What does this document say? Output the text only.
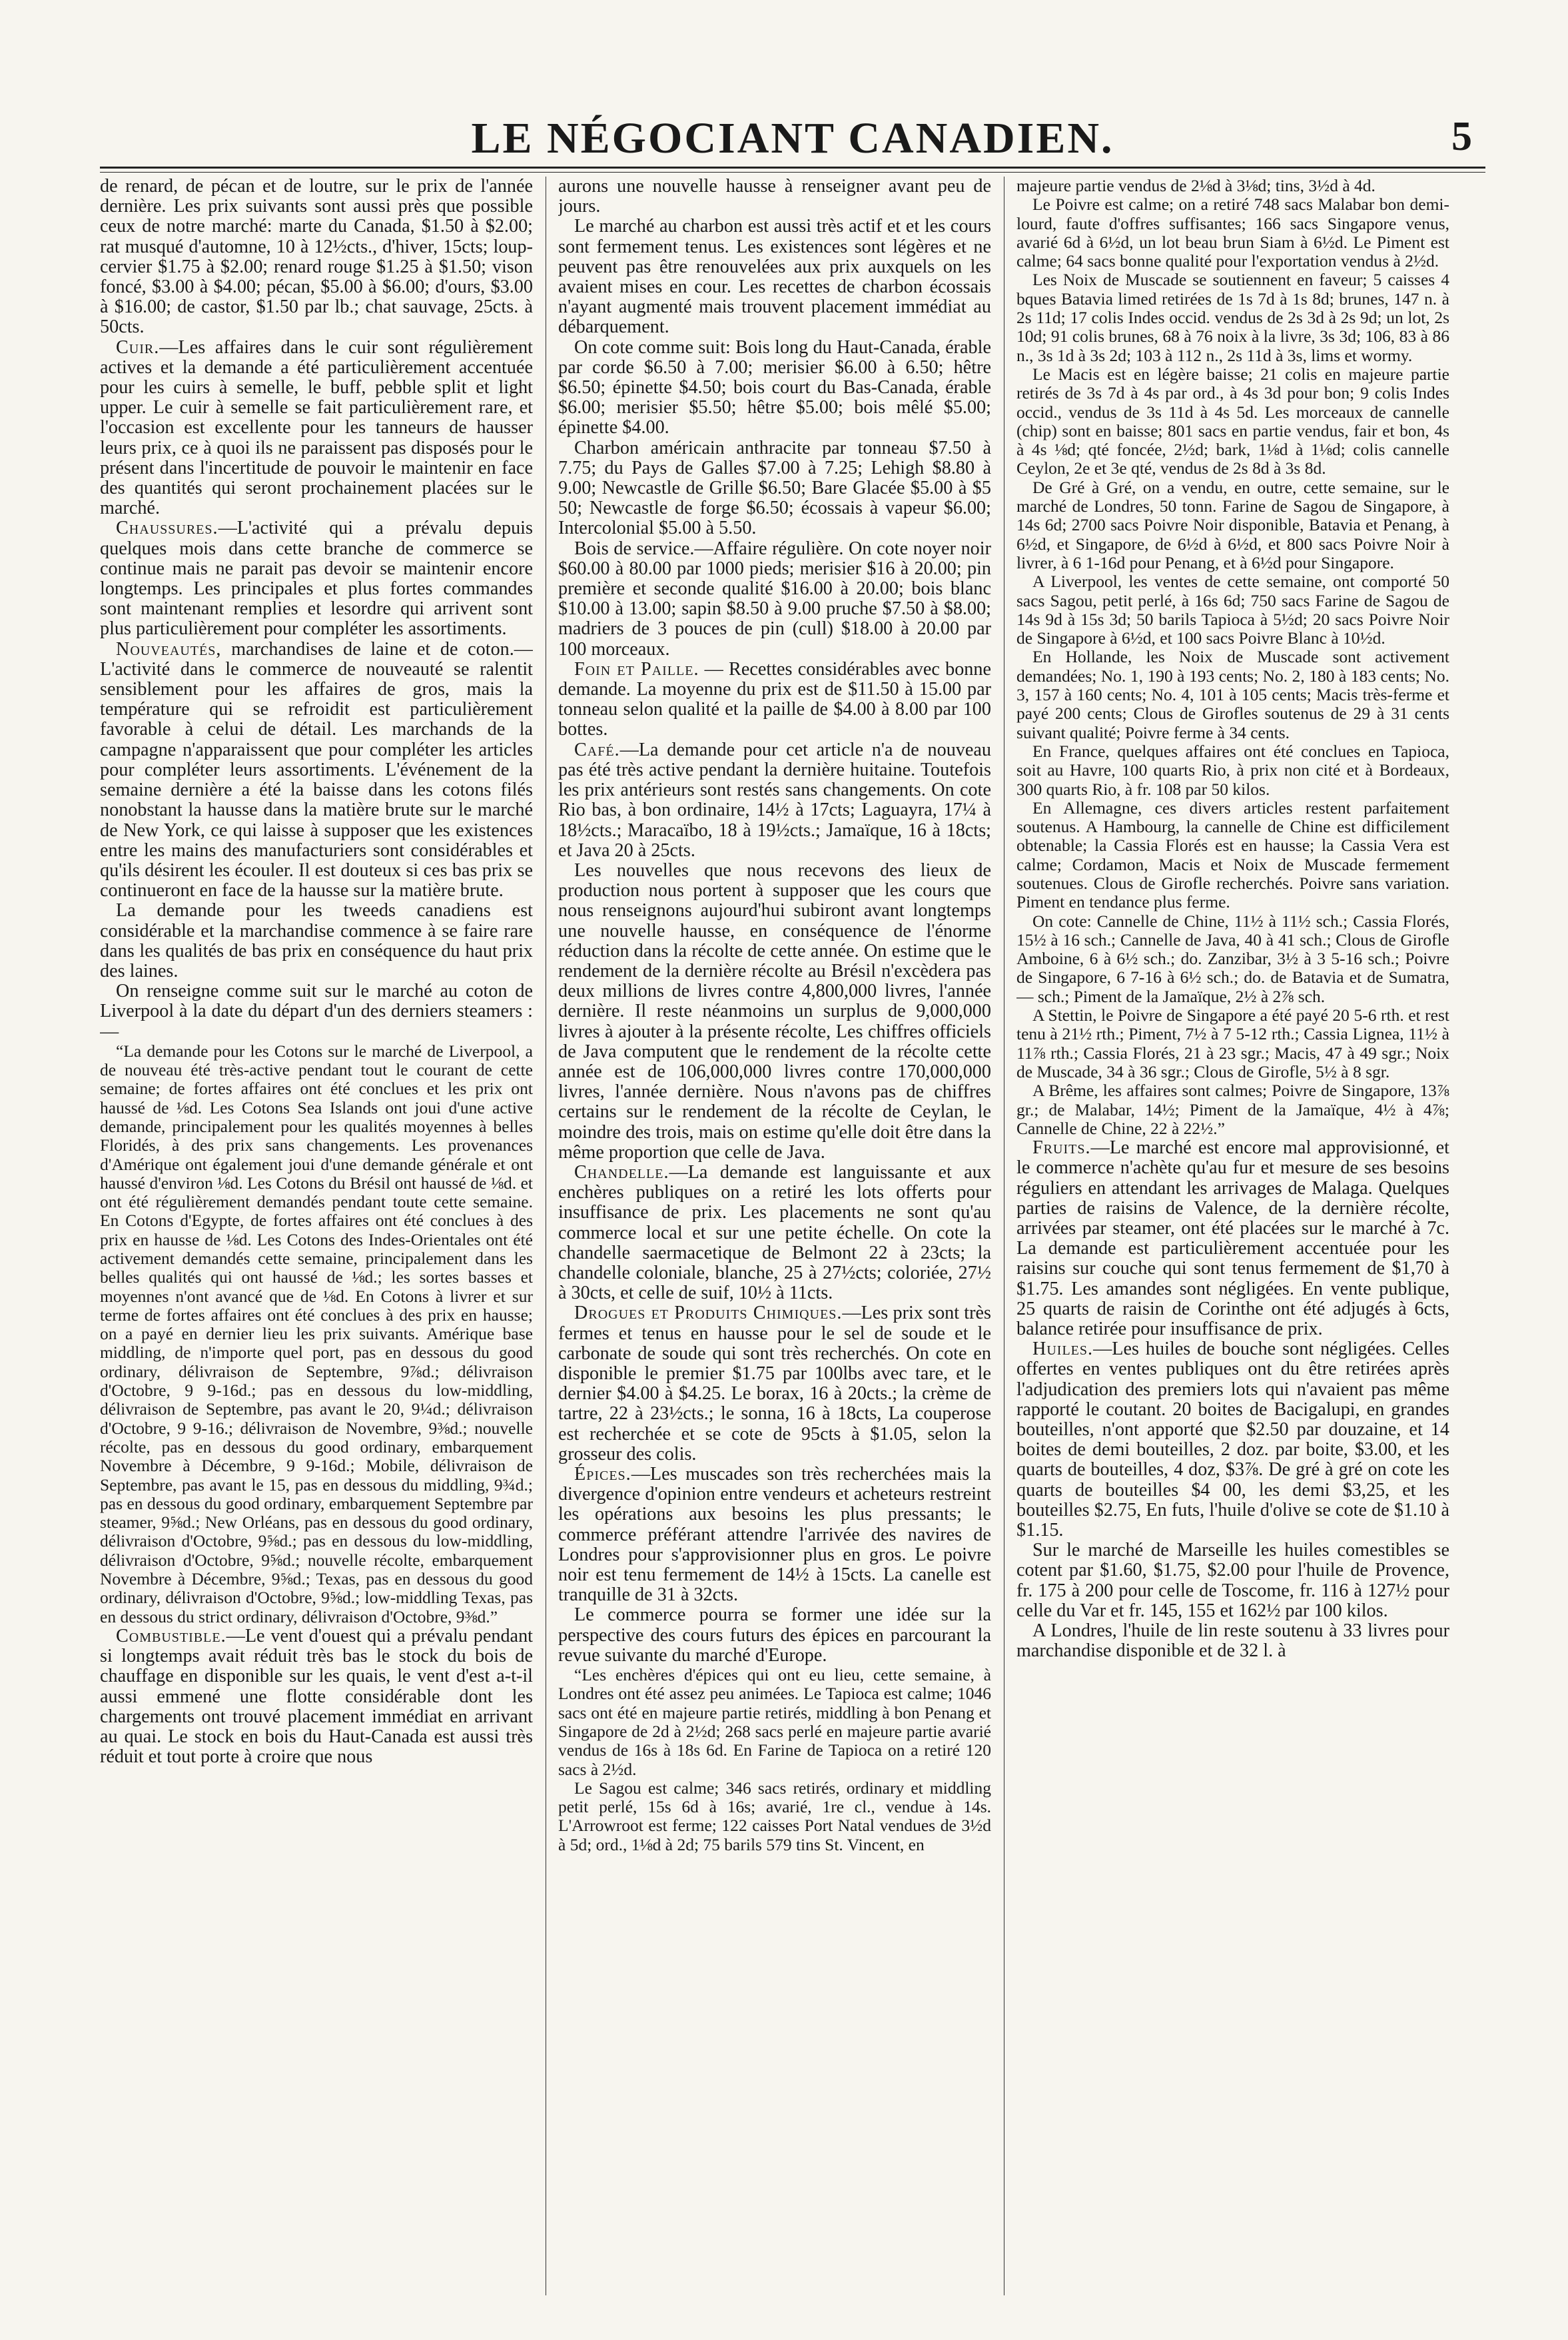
LE NÉGOCIANT CANADIEN.	5

de renard, de pécan et de loutre, sur le prix de l'année dernière. Les prix suivants sont aussi près que possible ceux de notre marché: marte du Canada, $1.50 à $2.00; rat musqué d'automne, 10 à 12½cts., d'hiver, 15cts; loup-cervier $1.75 à $2.00; renard rouge $1.25 à $1.50; vison foncé, $3.00 à $4.00; pécan, $5.00 à $6.00; d'ours, $3.00 à $16.00; de castor, $1.50 par lb.; chat sauvage, 25cts. à 50cts.

Cuir.—Les affaires dans le cuir sont régulièrement actives et la demande a été particulièrement accentuée pour les cuirs à semelle, le buff, pebble split et light upper. Le cuir à semelle se fait particulièrement rare, et l'occasion est excellente pour les tanneurs de hausser leurs prix, ce à quoi ils ne paraissent pas disposés pour le présent dans l'incertitude de pouvoir le maintenir en face des quantités qui seront prochainement placées sur le marché.

Chaussures.—L'activité qui a prévalu depuis quelques mois dans cette branche de commerce se continue mais ne parait pas devoir se maintenir encore longtemps. Les principales et plus fortes commandes sont maintenant remplies et lesordre qui arrivent sont plus particulièrement pour compléter les assortiments.

Nouveautés, marchandises de laine et de coton.—L'activité dans le commerce de nouveauté se ralentit sensiblement pour les affaires de gros, mais la température qui se refroidit est particulièrement favorable à celui de détail. Les marchands de la campagne n'apparaissent que pour compléter les articles pour compléter leurs assortiments. L'événement de la semaine dernière a été la baisse dans les cotons filés nonobstant la hausse dans la matière brute sur le marché de New York, ce qui laisse à supposer que les existences entre les mains des manufacturiers sont considérables et qu'ils désirent les écouler. Il est douteux si ces bas prix se continueront en face de la hausse sur la matière brute.

La demande pour les tweeds canadiens est considérable et la marchandise commence à se faire rare dans les qualités de bas prix en conséquence du haut prix des laines.

On renseigne comme suit sur le marché au coton de Liverpool à la date du départ d'un des derniers steamers :—

“La demande pour les Cotons sur le marché de Liverpool, a de nouveau été très-active pendant tout le courant de cette semaine; de fortes affaires ont été conclues et les prix ont haussé de ⅛d. Les Cotons Sea Islands ont joui d'une active demande, principalement pour les qualités moyennes à belles Floridés, à des prix sans changements. Les provenances d'Amérique ont également joui d'une demande générale et ont haussé d'environ ⅛d. Les Cotons du Brésil ont haussé de ⅛d. et ont été régulièrement demandés pendant toute cette semaine. En Cotons d'Egypte, de fortes affaires ont été conclues à des prix en hausse de ⅛d. Les Cotons des Indes-Orientales ont été activement demandés cette semaine, principalement dans les belles qualités qui ont haussé de ⅛d.; les sortes basses et moyennes n'ont avancé que de ⅛d. En Cotons à livrer et sur terme de fortes affaires ont été conclues à des prix en hausse; on a payé en dernier lieu les prix suivants. Amérique base middling, de n'importe quel port, pas en dessous du good ordinary, délivraison de Septembre, 9⅞d.; délivraison d'Octobre, 9 9-16d.; pas en dessous du low-middling, délivraison de Septembre, pas avant le 20, 9¼d.; délivraison d'Octobre, 9 9-16.; délivraison de Novembre, 9⅜d.; nouvelle récolte, pas en dessous du good ordinary, embarquement Novembre à Décembre, 9 9-16d.; Mobile, délivraison de Septembre, pas avant le 15, pas en dessous du middling, 9¾d.; pas en dessous du good ordinary, embarquement Septembre par steamer, 9⅝d.; New Orléans, pas en dessous du good ordinary, délivraison d'Octobre, 9⅝d.; pas en dessous du low-middling, délivraison d'Octobre, 9⅝d.; nouvelle récolte, embarquement Novembre à Décembre, 9⅝d.; Texas, pas en dessous du good ordinary, délivraison d'Octobre, 9⅝d.; low-middling Texas, pas en dessous du strict ordinary, délivraison d'Octobre, 9⅜d.”

Combustible.—Le vent d'ouest qui a prévalu pendant si longtemps avait réduit très bas le stock du bois de chauffage en disponible sur les quais, le vent d'est a-t-il aussi emmené une flotte considérable dont les chargements ont trouvé placement immédiat en arrivant au quai. Le stock en bois du Haut-Canada est aussi très réduit et tout porte à croire que nous

aurons une nouvelle hausse à renseigner avant peu de jours.

Le marché au charbon est aussi très actif et et les cours sont fermement tenus. Les existences sont légères et ne peuvent pas être renouvelées aux prix auxquels on les avaient mises en cour. Les recettes de charbon écossais n'ayant augmenté mais trouvent placement immédiat au débarquement.

On cote comme suit: Bois long du Haut-Canada, érable par corde $6.50 à 7.00; merisier $6.00 à 6.50; hêtre $6.50; épinette $4.50; bois court du Bas-Canada, érable $6.00; merisier $5.50; hêtre $5.00; bois mêlé $5.00; épinette $4.00.

Charbon américain anthracite par tonneau $7.50 à 7.75; du Pays de Galles $7.00 à 7.25; Lehigh $8.80 à 9.00; Newcastle de Grille $6.50; Bare Glacée $5.00 à $5 50; Newcastle de forge $6.50; écossais à vapeur $6.00; Intercolonial $5.00 à 5.50.

Bois de service.—Affaire régulière. On cote noyer noir $60.00 à 80.00 par 1000 pieds; merisier $16 à 20.00; pin première et seconde qualité $16.00 à 20.00; bois blanc $10.00 à 13.00; sapin $8.50 à 9.00 pruche $7.50 à $8.00; madriers de 3 pouces de pin (cull) $18.00 à 20.00 par 100 morceaux.

Foin et Paille. — Recettes considérables avec bonne demande. La moyenne du prix est de $11.50 à 15.00 par tonneau selon qualité et la paille de $4.00 à 8.00 par 100 bottes.

Café.—La demande pour cet article n'a de nouveau pas été très active pendant la dernière huitaine. Toutefois les prix antérieurs sont restés sans changements. On cote Rio bas, à bon ordinaire, 14½ à 17cts; Laguayra, 17¼ à 18½cts.; Maracaïbo, 18 à 19½cts.; Jamaïque, 16 à 18cts; et Java 20 à 25cts.

Les nouvelles que nous recevons des lieux de production nous portent à supposer que les cours que nous renseignons aujourd'hui subiront avant longtemps une nouvelle hausse, en conséquence de l'énorme réduction dans la récolte de cette année. On estime que le rendement de la dernière récolte au Brésil n'excèdera pas deux millions de livres contre 4,800,000 livres, l'année dernière. Il reste néanmoins un surplus de 9,000,000 livres à ajouter à la présente récolte, Les chiffres officiels de Java computent que le rendement de la récolte cette année est de 106,000,000 livres contre 170,000,000 livres, l'année dernière. Nous n'avons pas de chiffres certains sur le rendement de la récolte de Ceylan, le moindre des trois, mais on estime qu'elle doit être dans la même proportion que celle de Java.

Chandelle.—La demande est languissante et aux enchères publiques on a retiré les lots offerts pour insuffisance de prix. Les placements ne sont qu'au commerce local et sur une petite échelle. On cote la chandelle saermacetique de Belmont 22 à 23cts; la chandelle coloniale, blanche, 25 à 27½cts; coloriée, 27½ à 30cts, et celle de suif, 10½ à 11cts.

Drogues et Produits Chimiques.—Les prix sont très fermes et tenus en hausse pour le sel de soude et le carbonate de soude qui sont très recherchés. On cote en disponible le premier $1.75 par 100lbs avec tare, et le dernier $4.00 à $4.25. Le borax, 16 à 20cts.; la crème de tartre, 22 à 23½cts.; le sonna, 16 à 18cts, La couperose est recherchée et se cote de 95cts à $1.05, selon la grosseur des colis.

Épices.—Les muscades son très recherchées mais la divergence d'opinion entre vendeurs et acheteurs restreint les opérations aux besoins les plus pressants; le commerce préférant attendre l'arrivée des navires de Londres pour s'approvisionner plus en gros. Le poivre noir est tenu fermement de 14½ à 15cts. La canelle est tranquille de 31 à 32cts.

Le commerce pourra se former une idée sur la perspective des cours futurs des épices en parcourant la revue suivante du marché d'Europe.

“Les enchères d'épices qui ont eu lieu, cette semaine, à Londres ont été assez peu animées. Le Tapioca est calme; 1046 sacs ont été en majeure partie retirés, middling à bon Penang et Singapore de 2d à 2½d; 268 sacs perlé en majeure partie avarié vendus de 16s à 18s 6d. En Farine de Tapioca on a retiré 120 sacs à 2½d.

Le Sagou est calme; 346 sacs retirés, ordinary et middling petit perlé, 15s 6d à 16s; avarié, 1re cl., vendue à 14s. L'Arrowroot est ferme; 122 caisses Port Natal vendues de 3½d à 5d; ord., 1⅛d à 2d; 75 barils 579 tins St. Vincent, en

majeure partie vendus de 2⅛d à 3⅛d; tins, 3½d à 4d.

Le Poivre est calme; on a retiré 748 sacs Malabar bon demi-lourd, faute d'offres suffisantes; 166 sacs Singapore venus, avarié 6d à 6½d, un lot beau brun Siam à 6½d. Le Piment est calme; 64 sacs bonne qualité pour l'exportation vendus à 2½d.

Les Noix de Muscade se soutiennent en faveur; 5 caisses 4 bques Batavia limed retirées de 1s 7d à 1s 8d; brunes, 147 n. à 2s 11d; 17 colis Indes occid. vendus de 2s 3d à 2s 9d; un lot, 2s 10d; 91 colis brunes, 68 à 76 noix à la livre, 3s 3d; 106, 83 à 86 n., 3s 1d à 3s 2d; 103 à 112 n., 2s 11d à 3s, lims et wormy.

Le Macis est en légère baisse; 21 colis en majeure partie retirés de 3s 7d à 4s par ord., à 4s 3d pour bon; 9 colis Indes occid., vendus de 3s 11d à 4s 5d. Les morceaux de cannelle (chip) sont en baisse; 801 sacs en partie vendus, fair et bon, 4s à 4s ⅛d; qté foncée, 2½d; bark, 1⅛d à 1⅛d; colis cannelle Ceylon, 2e et 3e qté, vendus de 2s 8d à 3s 8d.

De Gré à Gré, on a vendu, en outre, cette semaine, sur le marché de Londres, 50 tonn. Farine de Sagou de Singapore, à 14s 6d; 2700 sacs Poivre Noir disponible, Batavia et Penang, à 6½d, et Singapore, de 6½d à 6½d, et 800 sacs Poivre Noir à livrer, à 6 1-16d pour Penang, et à 6½d pour Singapore.

A Liverpool, les ventes de cette semaine, ont comporté 50 sacs Sagou, petit perlé, à 16s 6d; 750 sacs Farine de Sagou de 14s 9d à 15s 3d; 50 barils Tapioca à 5½d; 20 sacs Poivre Noir de Singapore à 6½d, et 100 sacs Poivre Blanc à 10½d.

En Hollande, les Noix de Muscade sont activement demandées; No. 1, 190 à 193 cents; No. 2, 180 à 183 cents; No. 3, 157 à 160 cents; No. 4, 101 à 105 cents; Macis très-ferme et payé 200 cents; Clous de Girofles soutenus de 29 à 31 cents suivant qualité; Poivre ferme à 34 cents.

En France, quelques affaires ont été conclues en Tapioca, soit au Havre, 100 quarts Rio, à prix non cité et à Bordeaux, 300 quarts Rio, à fr. 108 par 50 kilos.

En Allemagne, ces divers articles restent parfaitement soutenus. A Hambourg, la cannelle de Chine est difficilement obtenable; la Cassia Florés est en hausse; la Cassia Vera est calme; Cordamon, Macis et Noix de Muscade fermement soutenues. Clous de Girofle recherchés. Poivre sans variation. Piment en tendance plus ferme.

On cote: Cannelle de Chine, 11½ à 11½ sch.; Cassia Florés, 15½ à 16 sch.; Cannelle de Java, 40 à 41 sch.; Clous de Girofle Amboine, 6 à 6½ sch.; do. Zanzibar, 3½ à 3 5-16 sch.; Poivre de Singapore, 6 7-16 à 6½ sch.; do. de Batavia et de Sumatra, — sch.; Piment de la Jamaïque, 2½ à 2⅞ sch.

A Stettin, le Poivre de Singapore a été payé 20 5-6 rth. et rest tenu à 21½ rth.; Piment, 7½ à 7 5-12 rth.; Cassia Lignea, 11½ à 11⅞ rth.; Cassia Florés, 21 à 23 sgr.; Macis, 47 à 49 sgr.; Noix de Muscade, 34 à 36 sgr.; Clous de Girofle, 5½ à 8 sgr.

A Brême, les affaires sont calmes; Poivre de Singapore, 13⅞ gr.; de Malabar, 14½; Piment de la Jamaïque, 4½ à 4⅞; Cannelle de Chine, 22 à 22½.”

Fruits.—Le marché est encore mal approvisionné, et le commerce n'achète qu'au fur et mesure de ses besoins réguliers en attendant les arrivages de Malaga. Quelques parties de raisins de Valence, de la dernière récolte, arrivées par steamer, ont été placées sur le marché à 7c. La demande est particulièrement accentuée pour les raisins sur couche qui sont tenus fermement de $1,70 à $1.75. Les amandes sont négligées. En vente publique, 25 quarts de raisin de Corinthe ont été adjugés à 6cts, balance retirée pour insuffisance de prix.

Huiles.—Les huiles de bouche sont négligées. Celles offertes en ventes publiques ont du être retirées après l'adjudication des premiers lots qui n'avaient pas même rapporté le coutant. 20 boites de Bacigalupi, en grandes bouteilles, n'ont apporté que $2.50 par douzaine, et 14 boites de demi bouteilles, 2 doz. par boite, $3.00, et les quarts de bouteilles, 4 doz, $3⅞. De gré à gré on cote les quarts de bouteilles $4 00, les demi $3,25, et les bouteilles $2.75, En futs, l'huile d'olive se cote de $1.10 à $1.15.

Sur le marché de Marseille les huiles comestibles se cotent par $1.60, $1.75, $2.00 pour l'huile de Provence, fr. 175 à 200 pour celle de Toscome, fr. 116 à 127½ pour celle du Var et fr. 145, 155 et 162½ par 100 kilos.

A Londres, l'huile de lin reste soutenu à 33 livres pour marchandise disponible et de 32 l. à
